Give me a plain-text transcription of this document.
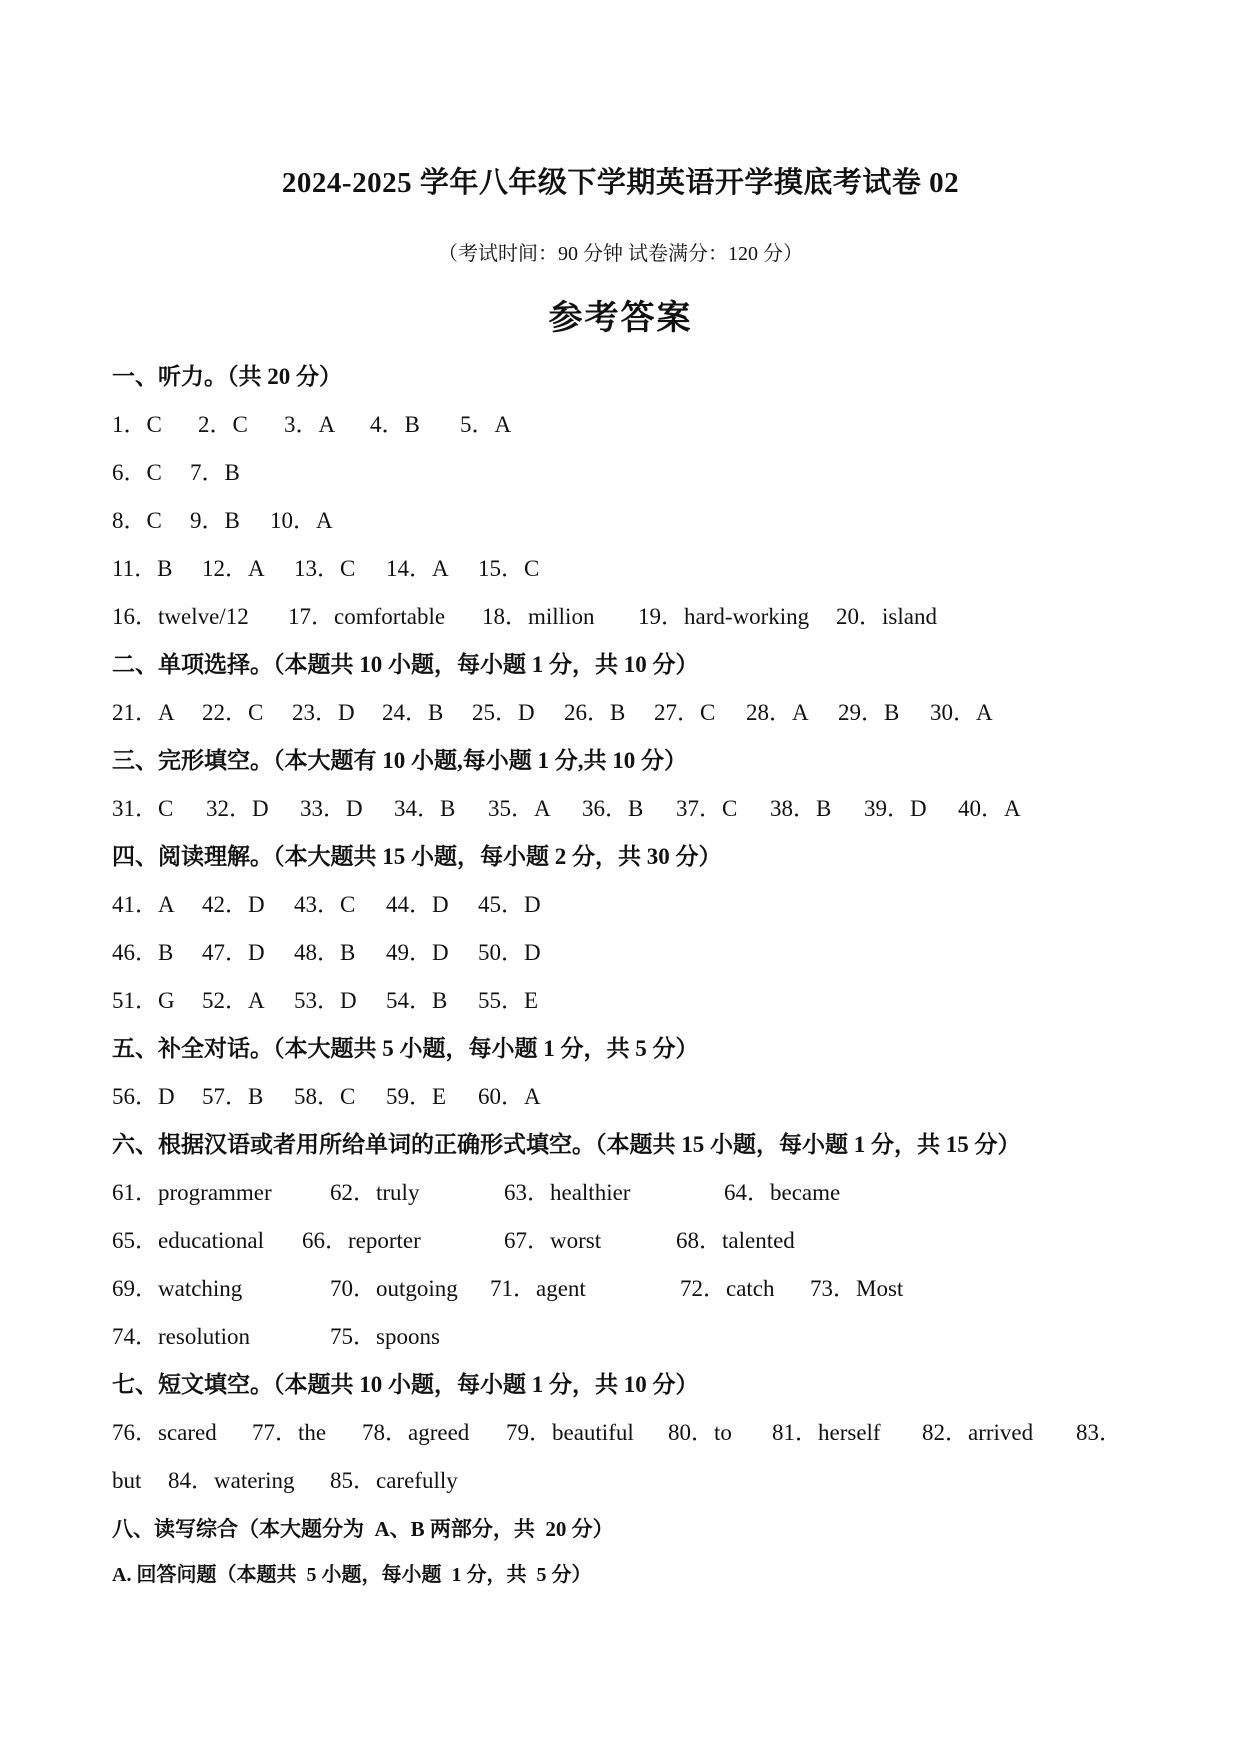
2024-2025 学年八年级下学期英语开学摸底考试卷 02
（考试时间：90 分钟 试卷满分：120 分）
参考答案
一、听力。（共 20 分）

1．C

2．C

3．A

4．B

5．A

6．C

7．B

8．C

9．B

10．A

11．B

12．A

13．C

14．A

15．C

16．twelve/12

17．comfortable

18．million

19．hard-working

20．island

二、单项选择。（本题共 10 小题，每小题 1 分，共 10 分）

21．A

22．C

23．D

24．B

25．D

26．B

27．C

28．A

29．B

30．A

三、完形填空。（本大题有 10 小题,每小题 1 分,共 10 分）

31．C

32．D

33．D

34．B

35．A

36．B

37．C

38．B

39．D

40．A

四、阅读理解。（本大题共 15 小题，每小题 2 分，共 30 分）

41．A

42．D

43．C

44．D

45．D

46．B

47．D

48．B

49．D

50．D

51．G

52．A

53．D

54．B

55．E

五、补全对话。（本大题共 5 小题，每小题 1 分，共 5 分）

56．D

57．B

58．C

59．E

60．A

六、根据汉语或者用所给单词的正确形式填空。（本题共 15 小题，每小题 1 分，共 15 分）

61．programmer

	62．truly

	63．healthier

	64．became

65．educational

66．reporter

	67．worst

	68．talented

69．watching

	70．outgoing

71．agent

	72．catch

73．Most

74．resolution

	75．spoons

七、短文填空。（本题共 10 小题，每小题 1 分，共 10 分）

76．scared

77．the

78．agreed

79．beautiful

80．to

81．herself

82．arrived

83．

but

84．watering

85．carefully

八、读写综合（本大题分为  A、B 两部分，共  20 分）
A. 回答问题（本题共  5 小题，每小题  1 分，共  5 分）
